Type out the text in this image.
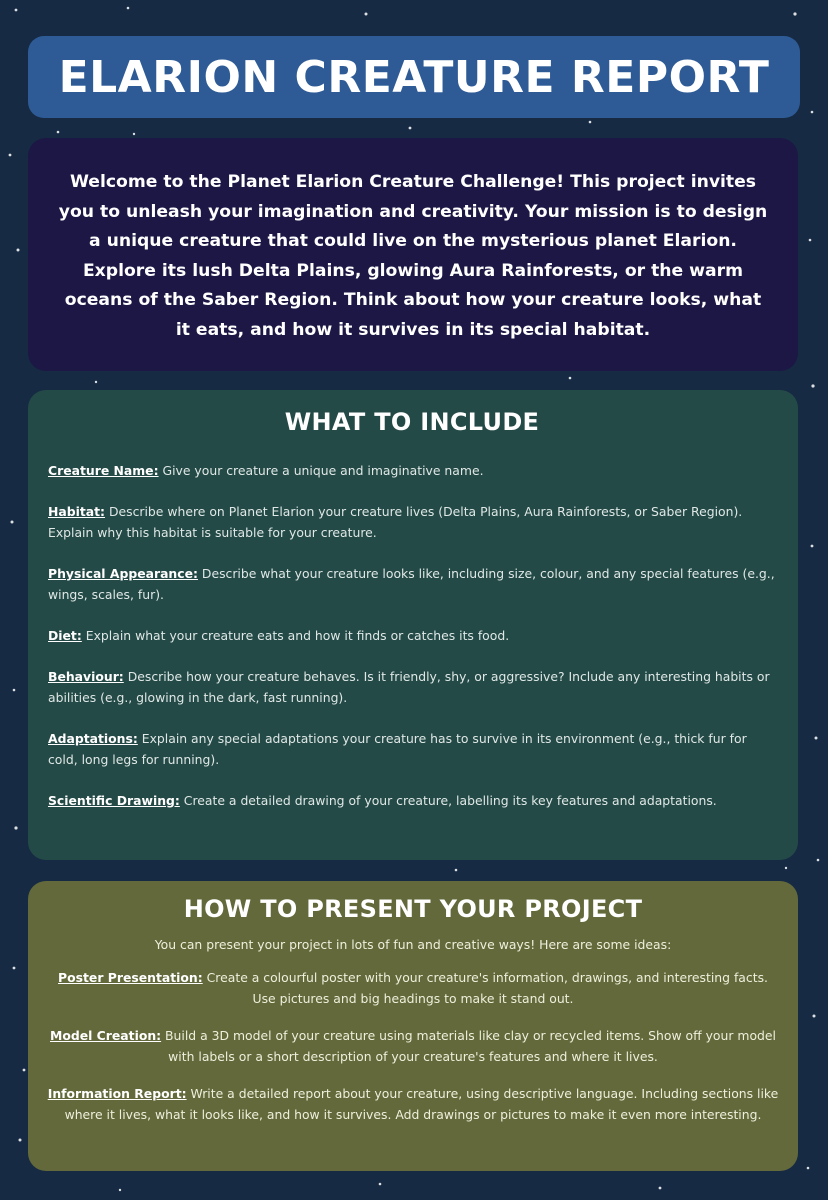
ELARION CREATURE REPORT

Welcome to the Planet Elarion Creature Challenge! This project invites you to unleash your imagination and creativity. Your mission is to design a unique creature that could live on the mysterious planet Elarion. Explore its lush Delta Plains, glowing Aura Rainforests, or the warm oceans of the Saber Region. Think about how your creature looks, what it eats, and how it survives in its special habitat.

WHAT TO INCLUDE
Creature Name: Give your creature a unique and imaginative name.
Habitat: Describe where on Planet Elarion your creature lives (Delta Plains, Aura Rainforests, or Saber Region). Explain why this habitat is suitable for your creature.
Physical Appearance: Describe what your creature looks like, including size, colour, and any special features (e.g., wings, scales, fur).
Diet: Explain what your creature eats and how it finds or catches its food.
Behaviour: Describe how your creature behaves. Is it friendly, shy, or aggressive? Include any interesting habits or abilities (e.g., glowing in the dark, fast running).
Adaptations: Explain any special adaptations your creature has to survive in its environment (e.g., thick fur for cold, long legs for running).
Scientific Drawing: Create a detailed drawing of your creature, labelling its key features and adaptations.
HOW TO PRESENT YOUR PROJECT

You can present your project in lots of fun and creative ways! Here are some ideas:

Poster Presentation: Create a colourful poster with your creature's information, drawings, and interesting facts. Use pictures and big headings to make it stand out.
Model Creation: Build a 3D model of your creature using materials like clay or recycled items. Show off your model with labels or a short description of your creature's features and where it lives.
Information Report: Write a detailed report about your creature, using descriptive language. Including sections like where it lives, what it looks like, and how it survives. Add drawings or pictures to make it even more interesting.
